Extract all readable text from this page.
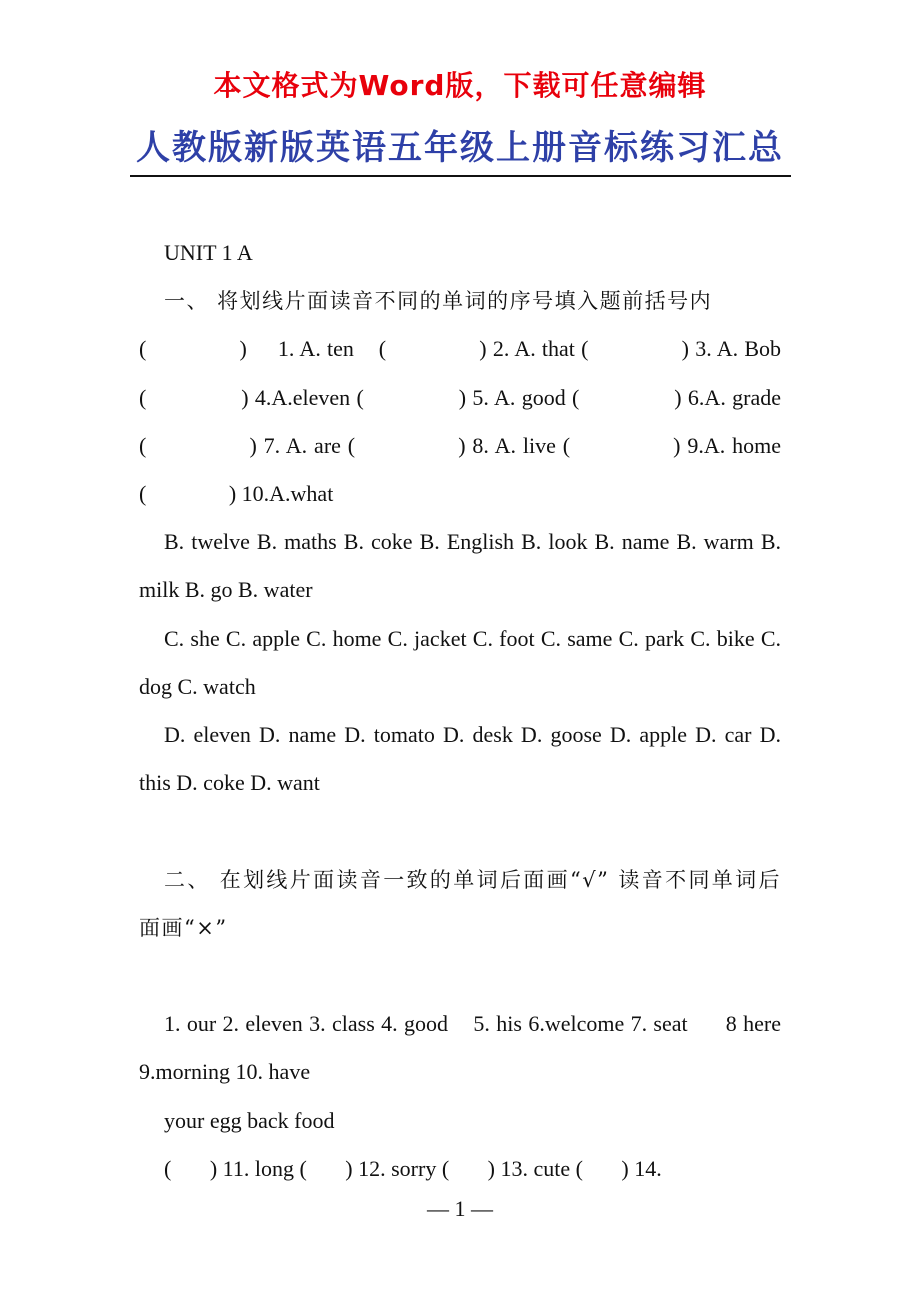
本文格式为Word版，下载可任意编辑
人教版新版英语五年级上册音标练习汇总
UNIT 1 A
一、 将划线片面读音不同的单词的序号填入题前括号内
(               )     1. A. ten    (               ) 2. A. that (               ) 3. A. Bob (               ) 4.A.eleven (               ) 5. A. good (               ) 6.A. grade (               ) 7. A. are (               ) 8. A. live (               ) 9.A. home (               ) 10.A.what
B. twelve B. maths B. coke B. English B. look B. name B. warm B. milk B. go B. water
C. she C. apple C. home C. jacket C. foot C. same C. park C. bike C. dog C. watch
D. eleven D. name D. tomato D. desk D. goose D. apple D. car D. this D. coke D. want
二、 在划线片面读音一致的单词后面画“√” 读音不同单词后面画“×”
1. our 2. eleven 3. class 4. good    5. his 6.welcome 7. seat      8 here 9.morning 10. have
your egg back food
(       ) 11. long (       ) 12. sorry (       ) 13. cute (       ) 14.
— 1 —
